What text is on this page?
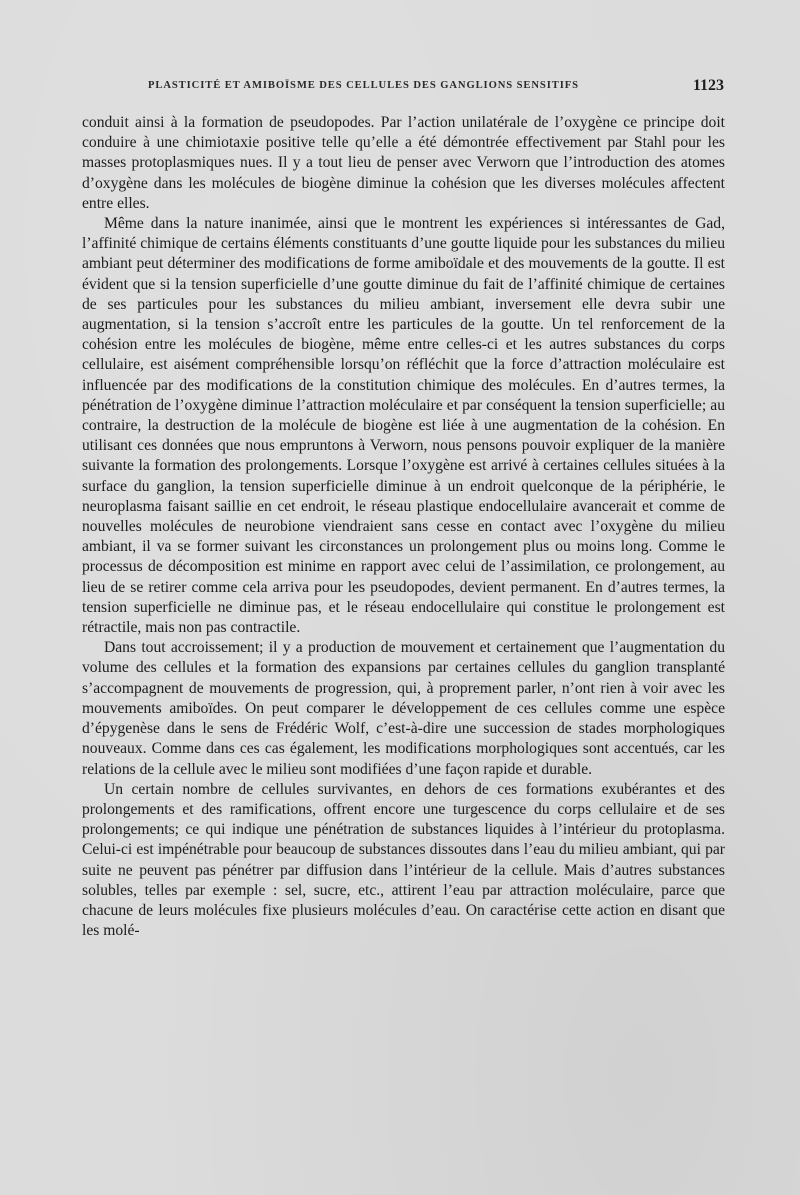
PLASTICITÉ ET AMIBOÏSME DES CELLULES DES GANGLIONS SENSITIFS	1123

conduit ainsi à la formation de pseudopodes. Par l’action unilatérale de l’oxygène ce principe doit conduire à une chimiotaxie positive telle qu’elle a été démontrée effectivement par Stahl pour les masses protoplasmiques nues. Il y a tout lieu de penser avec Verworn que l’introduction des atomes d’oxygène dans les molécules de biogène diminue la cohésion que les diverses molécules affectent entre elles.

Même dans la nature inanimée, ainsi que le montrent les expériences si intéressantes de Gad, l’affinité chimique de certains éléments constituants d’une goutte liquide pour les substances du milieu ambiant peut déterminer des modifications de forme amiboïdale et des mouvements de la goutte. Il est évident que si la tension superficielle d’une goutte diminue du fait de l’affinité chimique de certaines de ses particules pour les substances du milieu ambiant, inversement elle devra subir une augmentation, si la tension s’accroît entre les particules de la goutte. Un tel renforcement de la cohésion entre les molécules de biogène, même entre celles-ci et les autres substances du corps cellulaire, est aisément compréhensible lorsqu’on réfléchit que la force d’attraction moléculaire est influencée par des modifications de la constitution chimique des molécules. En d’autres termes, la pénétration de l’oxygène diminue l’attraction moléculaire et par conséquent la tension superficielle; au contraire, la destruction de la molécule de biogène est liée à une augmentation de la cohésion. En utilisant ces données que nous empruntons à Verworn, nous pensons pouvoir expliquer de la manière suivante la formation des prolongements. Lorsque l’oxygène est arrivé à certaines cellules situées à la surface du ganglion, la tension superficielle diminue à un endroit quelconque de la périphérie, le neuroplasma faisant saillie en cet endroit, le réseau plastique endocellulaire avancerait et comme de nouvelles molécules de neurobione viendraient sans cesse en contact avec l’oxygène du milieu ambiant, il va se former suivant les circonstances un prolongement plus ou moins long. Comme le processus de décomposition est minime en rapport avec celui de l’assimilation, ce prolongement, au lieu de se retirer comme cela arriva pour les pseudopodes, devient permanent. En d’autres termes, la tension superficielle ne diminue pas, et le réseau endocellulaire qui constitue le prolongement est rétractile, mais non pas contractile.

Dans tout accroissement; il y a production de mouvement et certainement que l’augmentation du volume des cellules et la formation des expansions par certaines cellules du ganglion transplanté s’accompagnent de mouvements de progression, qui, à proprement parler, n’ont rien à voir avec les mouvements amiboïdes. On peut comparer le développement de ces cellules comme une espèce d’épygenèse dans le sens de Frédéric Wolf, c’est-à-dire une succession de stades morphologiques nouveaux. Comme dans ces cas également, les modifications morphologiques sont accentués, car les relations de la cellule avec le milieu sont modifiées d’une façon rapide et durable.

Un certain nombre de cellules survivantes, en dehors de ces formations exubérantes et des prolongements et des ramifications, offrent encore une turgescence du corps cellulaire et de ses prolongements; ce qui indique une pénétration de substances liquides à l’intérieur du protoplasma. Celui-ci est impénétrable pour beaucoup de substances dissoutes dans l’eau du milieu ambiant, qui par suite ne peuvent pas pénétrer par diffusion dans l’intérieur de la cellule. Mais d’autres substances solubles, telles par exemple : sel, sucre, etc., attirent l’eau par attraction moléculaire, parce que chacune de leurs molécules fixe plusieurs molécules d’eau. On caractérise cette action en disant que les molé-
